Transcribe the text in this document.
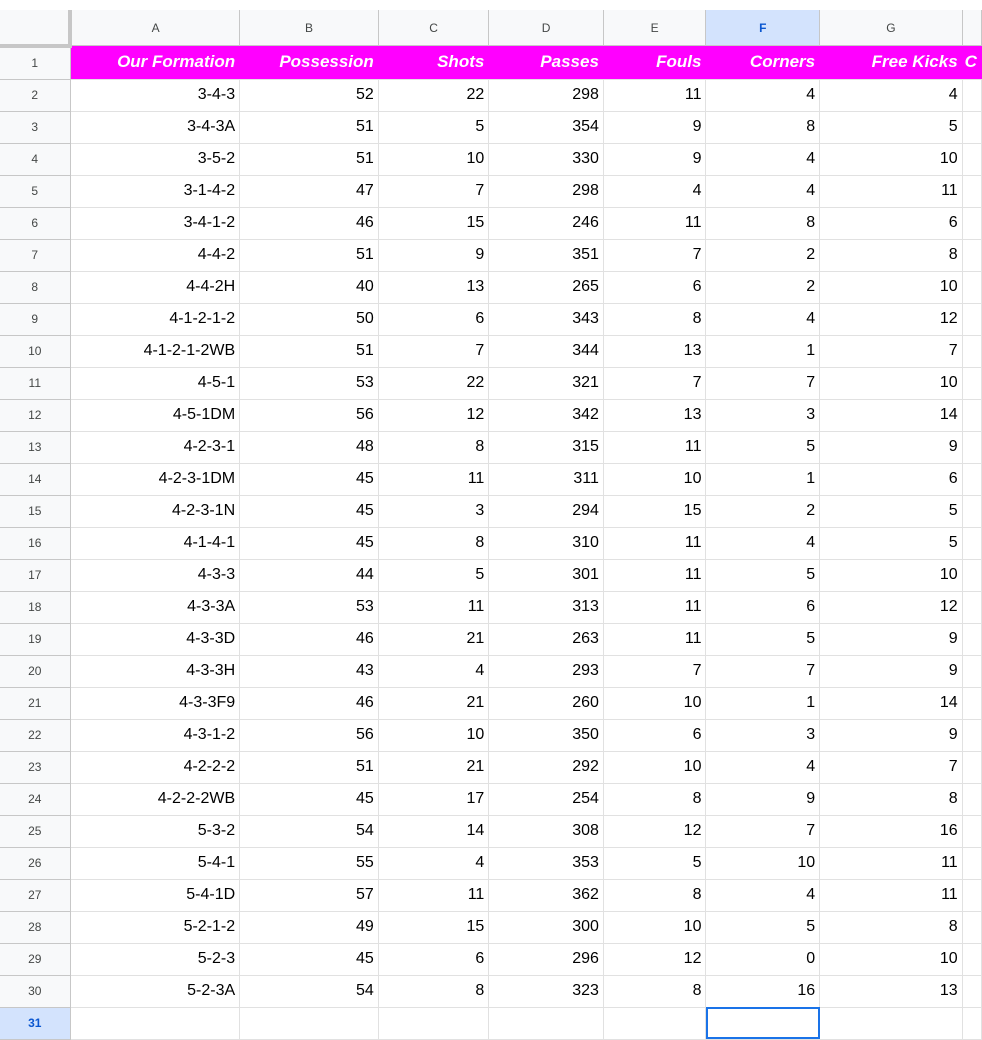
	A	B	C	D	E	F	G	
1	Our Formation	Possession	Shots	Passes	Fouls	Corners	Free Kicks	C
2	3-4-3	52	22	298	11	4	4	
3	3-4-3A	51	5	354	9	8	5	
4	3-5-2	51	10	330	9	4	10	
5	3-1-4-2	47	7	298	4	4	11	
6	3-4-1-2	46	15	246	11	8	6	
7	4-4-2	51	9	351	7	2	8	
8	4-4-2H	40	13	265	6	2	10	
9	4-1-2-1-2	50	6	343	8	4	12	
10	4-1-2-1-2WB	51	7	344	13	1	7	
11	4-5-1	53	22	321	7	7	10	
12	4-5-1DM	56	12	342	13	3	14	
13	4-2-3-1	48	8	315	11	5	9	
14	4-2-3-1DM	45	11	311	10	1	6	
15	4-2-3-1N	45	3	294	15	2	5	
16	4-1-4-1	45	8	310	11	4	5	
17	4-3-3	44	5	301	11	5	10	
18	4-3-3A	53	11	313	11	6	12	
19	4-3-3D	46	21	263	11	5	9	
20	4-3-3H	43	4	293	7	7	9	
21	4-3-3F9	46	21	260	10	1	14	
22	4-3-1-2	56	10	350	6	3	9	
23	4-2-2-2	51	21	292	10	4	7	
24	4-2-2-2WB	45	17	254	8	9	8	
25	5-3-2	54	14	308	12	7	16	
26	5-4-1	55	4	353	5	10	11	
27	5-4-1D	57	11	362	8	4	11	
28	5-2-1-2	49	15	300	10	5	8	
29	5-2-3	45	6	296	12	0	10	
30	5-2-3A	54	8	323	8	16	13	
31								
